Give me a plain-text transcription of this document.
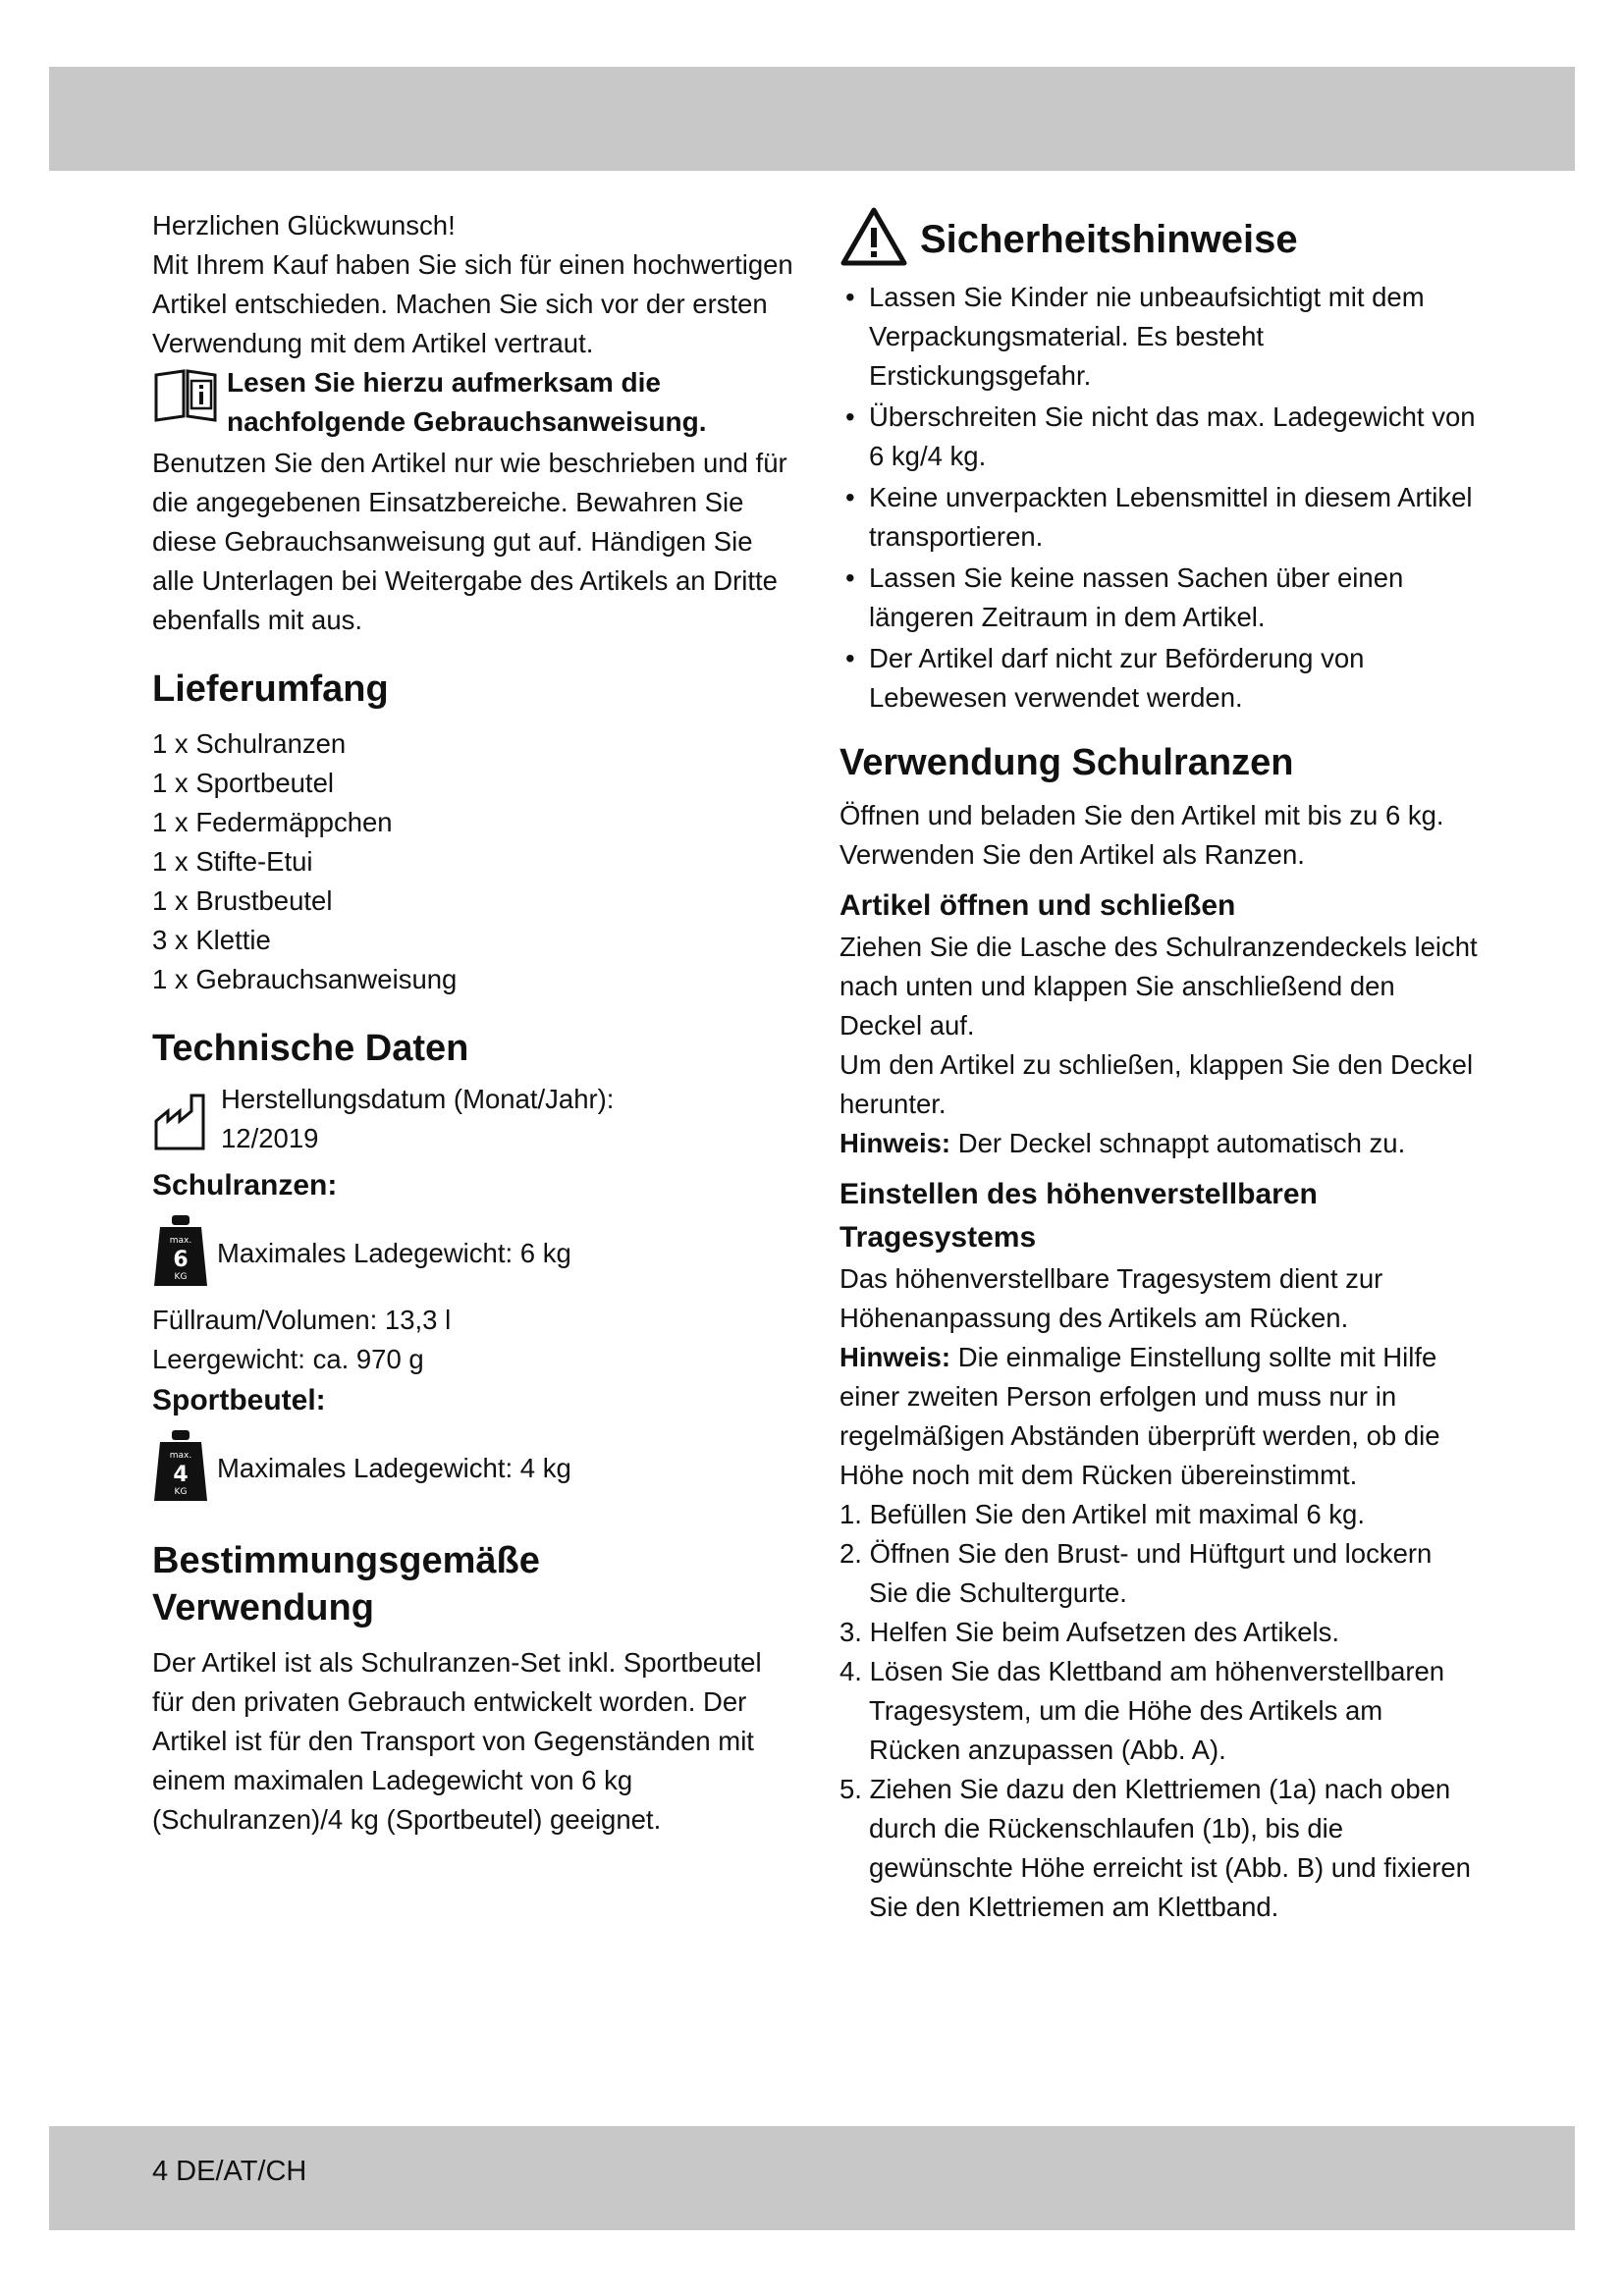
Herzlichen Glückwunsch!

Mit Ihrem Kauf haben Sie sich für einen hochwertigen Artikel entschieden. Machen Sie sich vor der ersten Verwendung mit dem Artikel vertraut.

Lesen Sie hierzu aufmerksam die nachfolgende Gebrauchsanweisung.

Benutzen Sie den Artikel nur wie beschrieben und für die angegebenen Einsatzbereiche. Bewahren Sie diese Gebrauchsanweisung gut auf. Händigen Sie alle Unterlagen bei Weitergabe des Artikels an Dritte ebenfalls mit aus.

Lieferumfang
1 x Schulranzen
1 x Sportbeutel
1 x Federmäppchen
1 x Stifte-Etui
1 x Brustbeutel
3 x Klettie
1 x Gebrauchsanweisung
Technische Daten
Herstellungsdatum (Monat/Jahr):
12/2019
Schulranzen:
max.
6
KG
Maximales Ladegewicht: 6 kg

Füllraum/Volumen: 13,3 l

Leergewicht: ca. 970 g

Sportbeutel:
max.
4
KG
Maximales Ladegewicht: 4 kg
Bestimmungsgemäße Verwendung

Der Artikel ist als Schulranzen-Set inkl. Sportbeutel für den privaten Gebrauch entwickelt worden. Der Artikel ist für den Transport von Gegenständen mit einem maximalen Ladegewicht von 6 kg (Schulranzen)/4 kg (Sportbeutel) geeignet.

Sicherheitshinweise
• Lassen Sie Kinder nie unbeaufsichtigt mit dem Verpackungsmaterial. Es besteht Erstickungsgefahr.
• Überschreiten Sie nicht das max. Ladegewicht von 6 kg/4 kg.
• Keine unverpackten Lebensmittel in diesem Artikel transportieren.
• Lassen Sie keine nassen Sachen über einen längeren Zeitraum in dem Artikel.
• Der Artikel darf nicht zur Beförderung von Lebewesen verwendet werden.
Verwendung Schulranzen

Öffnen und beladen Sie den Artikel mit bis zu 6 kg. Verwenden Sie den Artikel als Ranzen.

Artikel öffnen und schließen

Ziehen Sie die Lasche des Schulranzendeckels leicht nach unten und klappen Sie anschließend den Deckel auf.

Um den Artikel zu schließen, klappen Sie den Deckel herunter.

Hinweis: Der Deckel schnappt automatisch zu.

Einstellen des höhenverstellbaren Tragesystems

Das höhenverstellbare Tragesystem dient zur Höhenanpassung des Artikels am Rücken.

Hinweis: Die einmalige Einstellung sollte mit Hilfe einer zweiten Person erfolgen und muss nur in regelmäßigen Abständen überprüft werden, ob die Höhe noch mit dem Rücken übereinstimmt.

1. Befüllen Sie den Artikel mit maximal 6 kg.
2. Öffnen Sie den Brust- und Hüftgurt und lockern Sie die Schultergurte.
3. Helfen Sie beim Aufsetzen des Artikels.
4. Lösen Sie das Klettband am höhenverstellbaren Tragesystem, um die Höhe des Artikels am Rücken anzupassen (Abb. A).
5. Ziehen Sie dazu den Klettriemen (1a) nach oben durch die Rückenschlaufen (1b), bis die gewünschte Höhe erreicht ist (Abb. B) und fixieren Sie den Klettriemen am Klettband.
4 DE/AT/CH
